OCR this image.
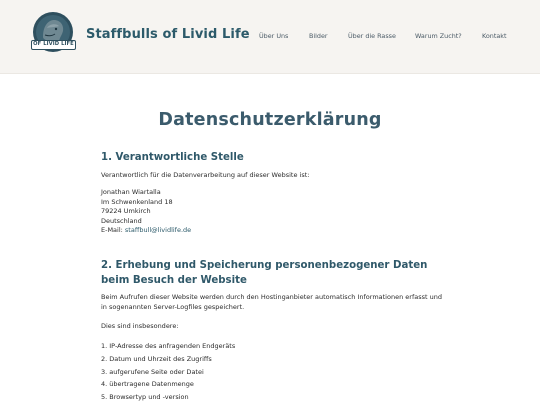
OF LIVID LIFE
Staffbulls of Livid Life Über Uns	Bilder	Über die Rasse	Warum Zucht?	Kontakt
Datenschutzerklärung
1. Verantwortliche Stelle

Verantwortlich für die Datenverarbeitung auf dieser Website ist:

Jonathan Wiartalla
Im Schwenkenland 18
79224 Umkirch
Deutschland
E-Mail: staffbull@lividlife.de
2. Erhebung und Speicherung personenbezogener Daten beim Besuch der Website

Beim Aufrufen dieser Website werden durch den Hostinganbieter automatisch Informationen erfasst und in sogenannten Server-Logfiles gespeichert.

Dies sind insbesondere:

1. IP-Adresse des anfragenden Endgeräts
2. Datum und Uhrzeit des Zugriffs
3. aufgerufene Seite oder Datei
4. übertragene Datenmenge
5. Browsertyp und -version
